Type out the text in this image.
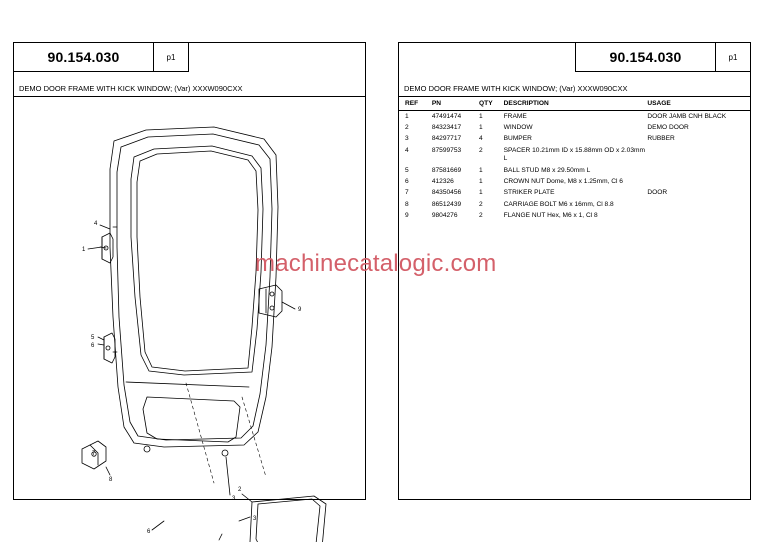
90.154.030	p1
DEMO DOOR FRAME WITH KICK WINDOW; (Var) XXXW090CXX
1
4
5
6
9
8
3
3
2
6
7
machinecatalogic.com
90.154.030	p1
DEMO DOOR FRAME WITH KICK WINDOW; (Var) XXXW090CXX
REF	PN	QTY	DESCRIPTION	USAGE
1	47491474	1	FRAME	DOOR JAMB CNH BLACK
2	84323417	1	WINDOW	DEMO DOOR
3	84297717	4	BUMPER	RUBBER
4	87599753	2	SPACER 10.21mm ID x 15.88mm OD x 2.03mm L	
5	87581669	1	BALL STUD M8 x 29.50mm L	
6	412326	1	CROWN NUT Dome, M8 x 1.25mm, Cl 6	
7	84350456	1	STRIKER PLATE	DOOR
8	86512439	2	CARRIAGE BOLT M6 x 16mm, Cl 8.8	
9	9804276	2	FLANGE NUT Hex, M6 x 1, Cl 8	
